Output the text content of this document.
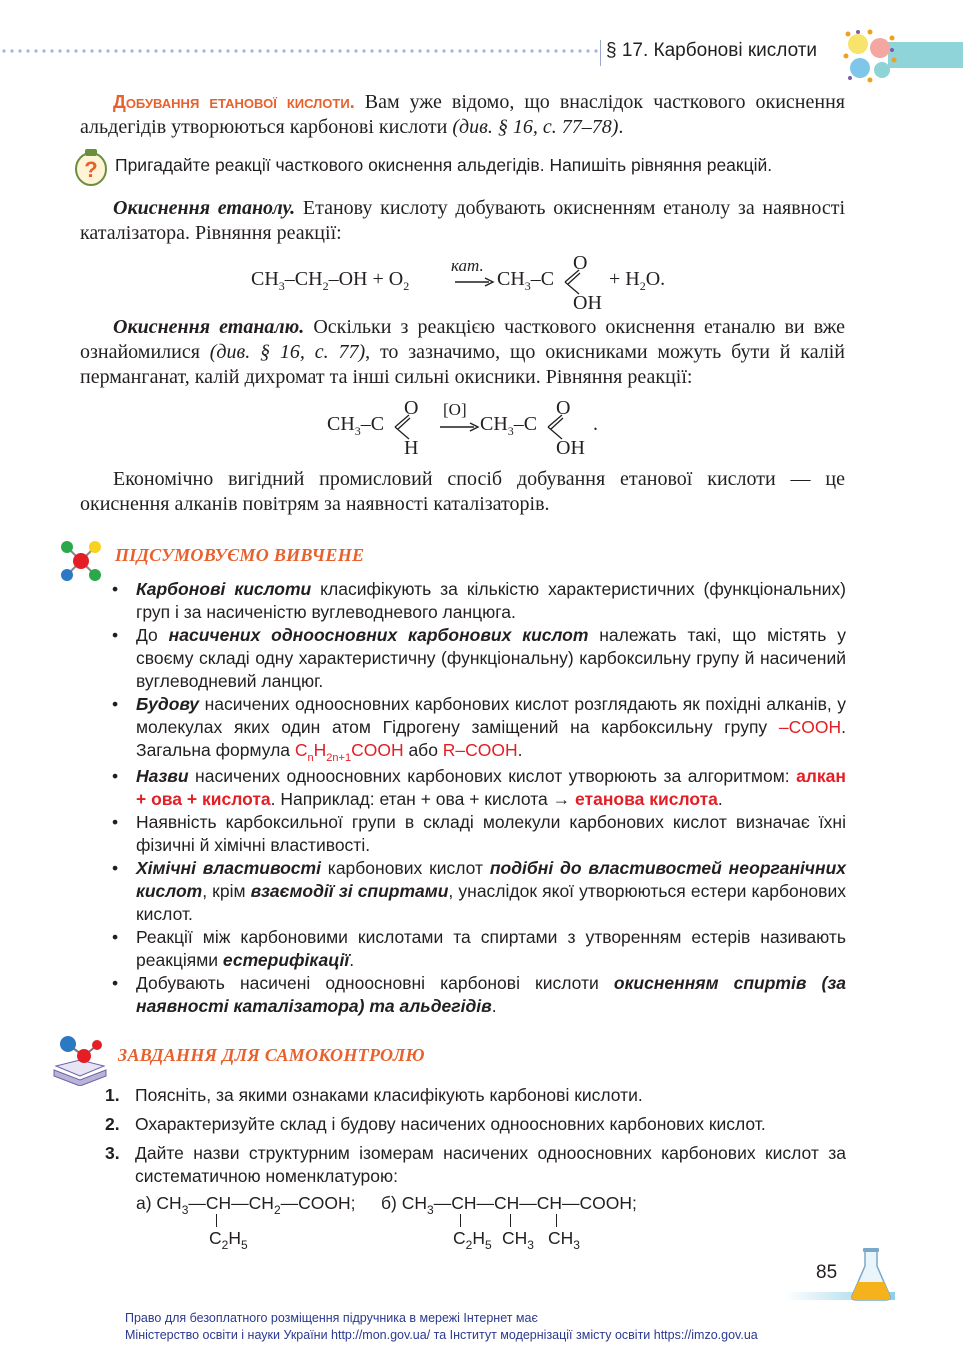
§ 17. Карбонові кислоти
Добування етанової кислоти. Вам уже відомо, що внаслідок часткового окиснення альдегідів утворюються карбонові кислоти (див. § 16, с. 77–78).
? Пригадайте реакції часткового окиснення альдегідів. Напишіть рівняння реакцій.
Окиснення етанолу. Етанову кислоту добувають окисненням етанолу за наявності каталізатора. Рівняння реакції:
$CH_3-CH_2-OH + O_2$
кат.
$CH_3-C$
O
OH
+ $H_2O$.
Окиснення етаналю. Оскільки з реакцією часткового окиснення етаналю ви вже ознайомилися (див. § 16, с. 77), то зазначимо, що окисниками можуть бути й калій перманганат, калій дихромат та інші сильні окисники. Рівняння реакції:
$CH_3-C$
O
H
[O]
$CH_3-C$
O
OH
.
Економічно вигідний промисловий спосіб добування етанової кислоти — це окиснення алканів повітрям за наявності каталізаторів.
ПІДСУМОВУЄМО ВИВЧЕНЕ
• Карбонові кислоти класифікують за кількістю характеристичних (функціональних) груп і за насиченістю вуглеводневого ланцюга.
• До насичених одноосновних карбонових кислот належать такі, що містять у своєму складі одну характеристичну (функціональну) карбоксильну групу й насичений вуглеводневий ланцюг.
• Будову насичених одноосновних карбонових кислот розглядають як похідні алканів, у молекулах яких один атом Гідрогену заміщений на карбоксильну групу –COOH. Загальна формула $C_nH_{2n+1}COOH$ або R–COOH.
• Назви насичених одноосновних карбонових кислот утворюють за алгоритмом: алкан + ова + кислота. Наприклад: етан + ова + кислота → етанова кислота.
• Наявність карбоксильної групи в складі молекули карбонових кислот визначає їхні фізичні й хімічні властивості.
• Хімічні властивості карбонових кислот подібні до властивостей неорганічних кислот, крім взаємодії зі спиртами, унаслідок якої утворюються естери карбонових кислот.
• Реакції між карбоновими кислотами та спиртами з утворенням естерів називають реакціями естерифікації.
• Добувають насичені одноосновні карбонові кислоти окисненням спиртів (за наявності каталізатора) та альдегідів.
ЗАВДАННЯ ДЛЯ САМОКОНТРОЛЮ
1. Поясніть, за якими ознаками класифікують карбонові кислоти.
2. Охарактеризуйте склад і будову насичених одноосновних карбонових кислот.
3. Дайте назви структурним ізомерам насичених одноосновних карбонових кислот за систематичною номенклатурою:
а) $CH_3—CH—CH_2—COOH$;
$C_2H_5$
б) $CH_3—CH—CH—CH—COOH$;
$C_2H_5$ $CH_3$ $CH_3$
85
Право для безоплатного розміщення підручника в мережі Інтернет має
Міністерство освіти і науки України http://mon.gov.ua/ та Інститут модернізації змісту освіти https://imzo.gov.ua
